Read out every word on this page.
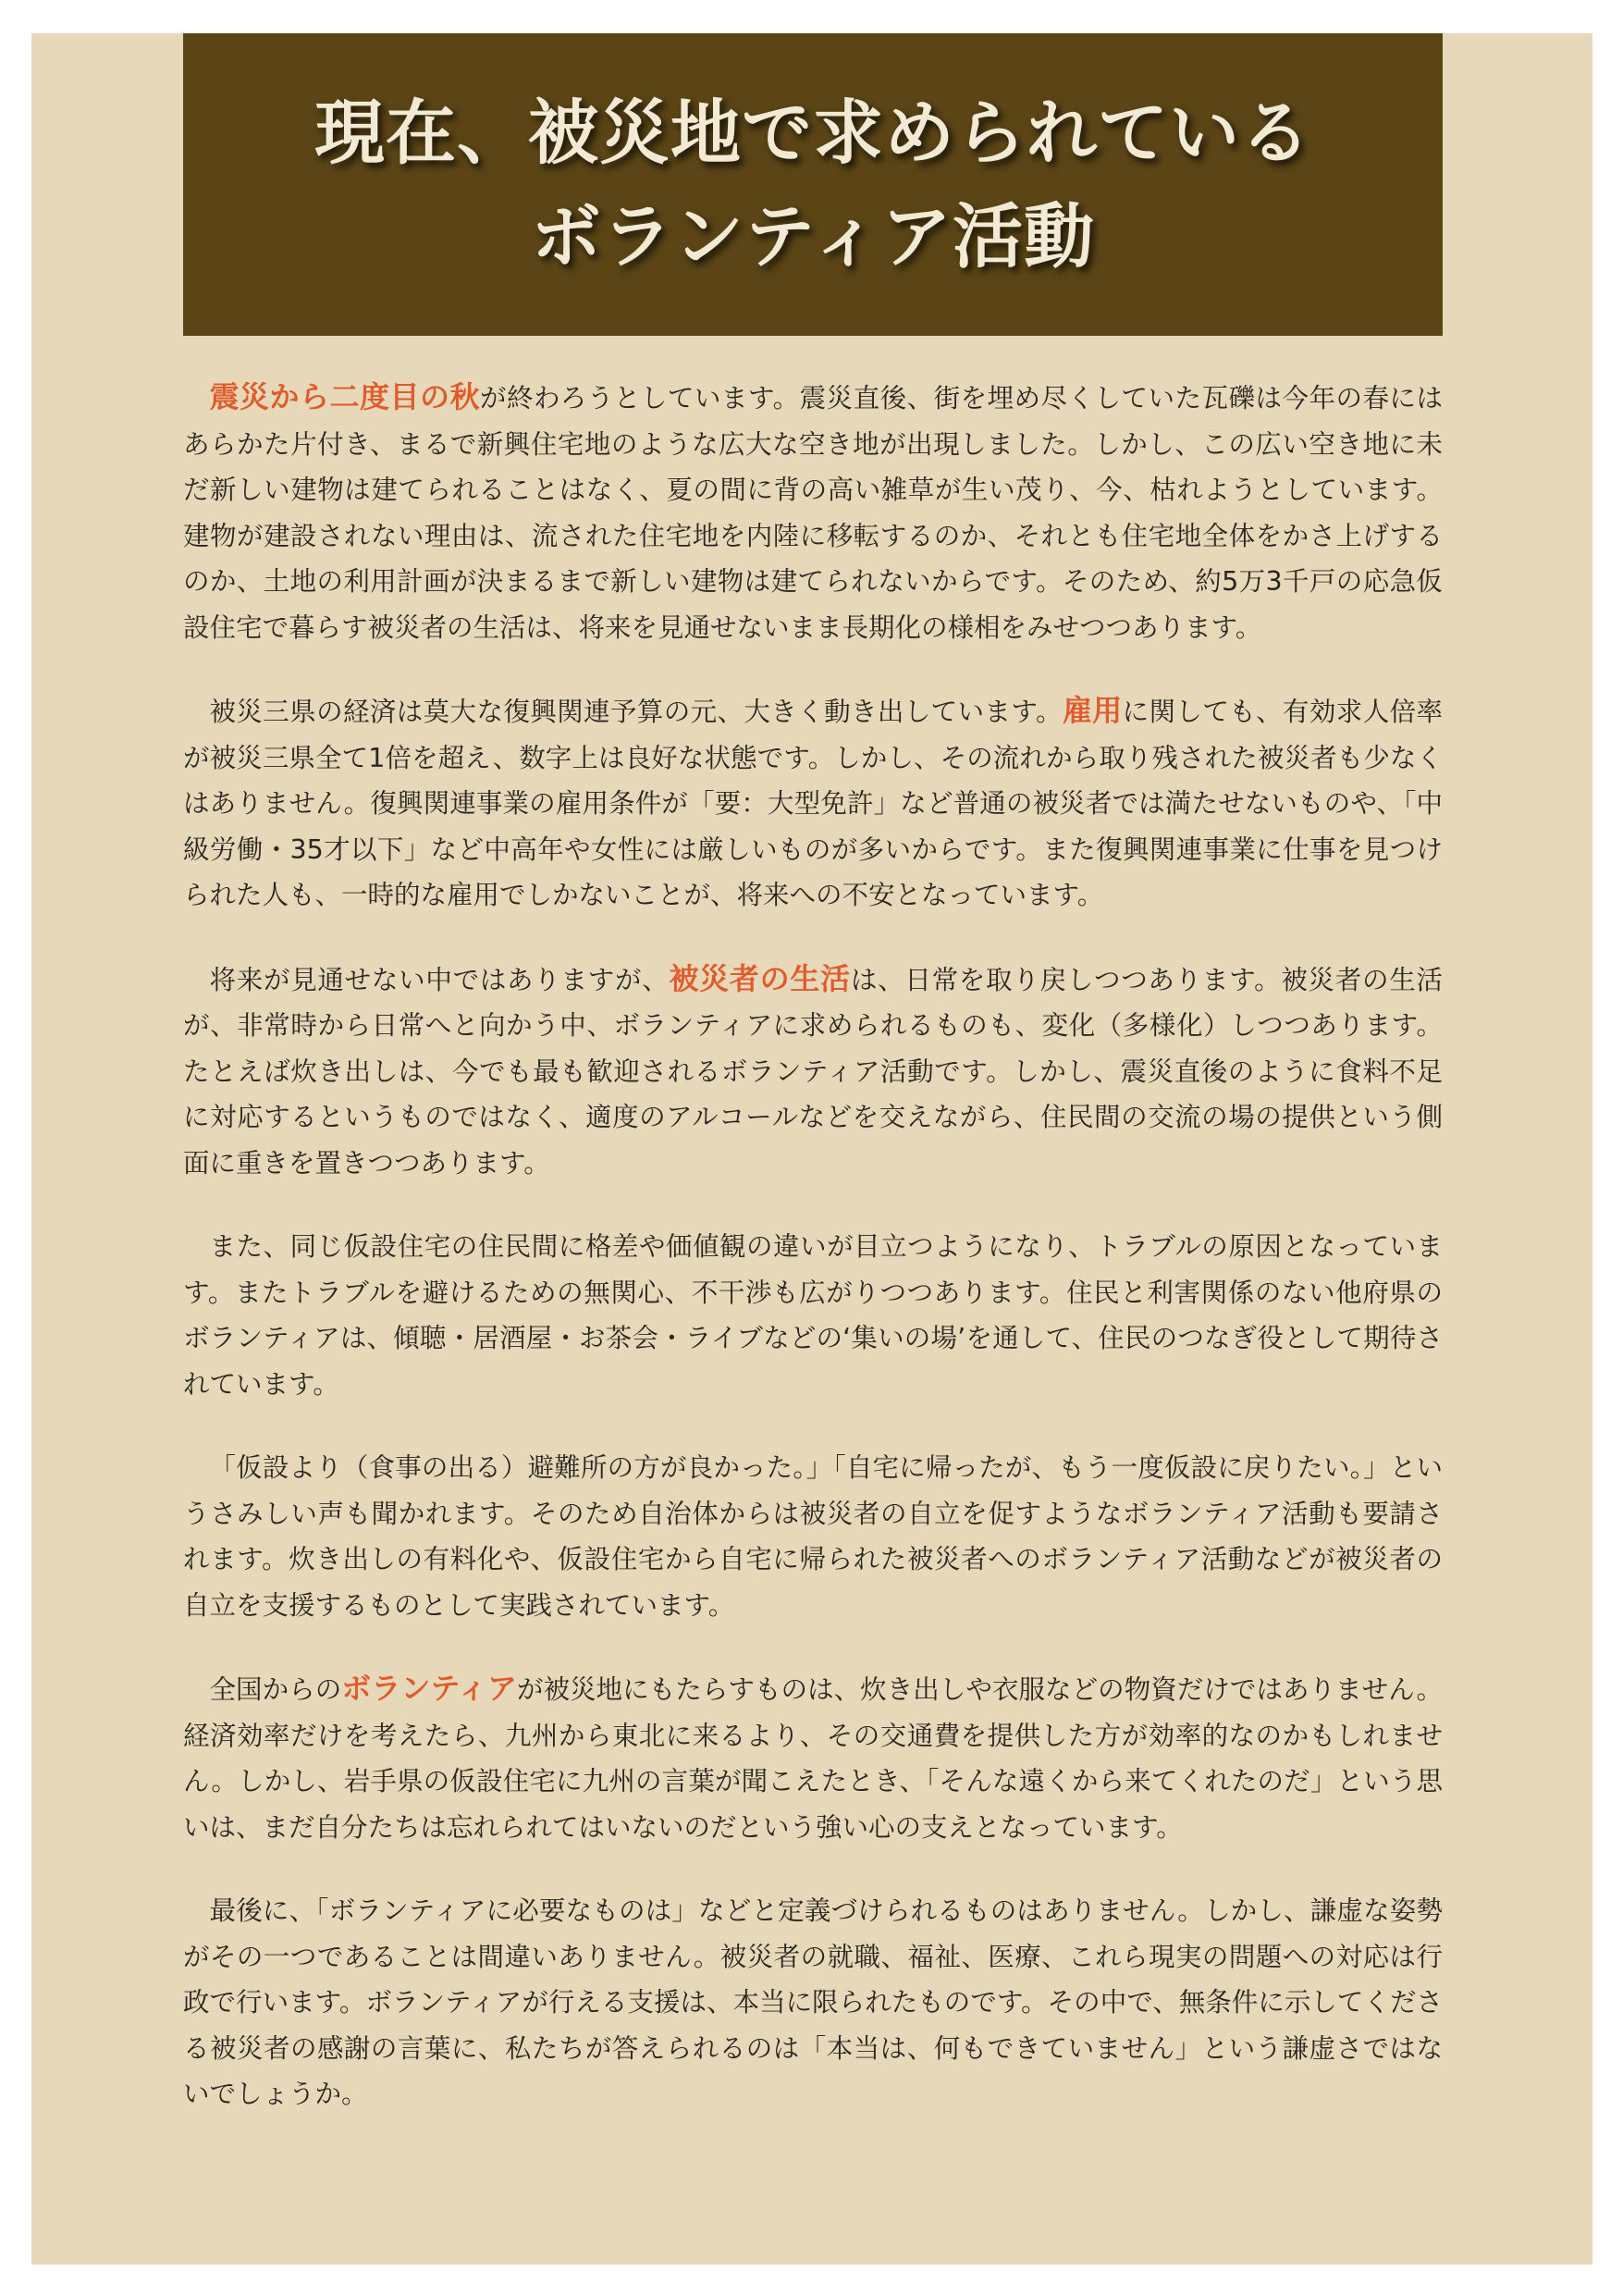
現在、被災地で求められている
ボランティア活動

震災から二度目の秋が終わろうとしています。震災直後、街を埋め尽くしていた瓦礫は今年の春にはあらかた片付き、まるで新興住宅地のような広大な空き地が出現しました。しかし、この広い空き地に未だ新しい建物は建てられることはなく、夏の間に背の高い雑草が生い茂り、今、枯れようとしています。建物が建設されない理由は、流された住宅地を内陸に移転するのか、それとも住宅地全体をかさ上げするのか、土地の利用計画が決まるまで新しい建物は建てられないからです。そのため、約5万3千戸の応急仮設住宅で暮らす被災者の生活は、将来を見通せないまま長期化の様相をみせつつあります。

被災三県の経済は莫大な復興関連予算の元、大きく動き出しています。雇用に関しても、有効求人倍率が被災三県全て1倍を超え、数字上は良好な状態です。しかし、その流れから取り残された被災者も少なくはありません。復興関連事業の雇用条件が「要：大型免許」など普通の被災者では満たせないものや、「中級労働・35才以下」など中高年や女性には厳しいものが多いからです。また復興関連事業に仕事を見つけられた人も、一時的な雇用でしかないことが、将来への不安となっています。

将来が見通せない中ではありますが、被災者の生活は、日常を取り戻しつつあります。被災者の生活が、非常時から日常へと向かう中、ボランティアに求められるものも、変化（多様化）しつつあります。たとえば炊き出しは、今でも最も歓迎されるボランティア活動です。しかし、震災直後のように食料不足に対応するというものではなく、適度のアルコールなどを交えながら、住民間の交流の場の提供という側面に重きを置きつつあります。

また、同じ仮設住宅の住民間に格差や価値観の違いが目立つようになり、トラブルの原因となっています。またトラブルを避けるための無関心、不干渉も広がりつつあります。住民と利害関係のない他府県のボランティアは、傾聴・居酒屋・お茶会・ライブなどの‘集いの場’を通して、住民のつなぎ役として期待されています。

「仮設より（食事の出る）避難所の方が良かった。」「自宅に帰ったが、もう一度仮設に戻りたい。」というさみしい声も聞かれます。そのため自治体からは被災者の自立を促すようなボランティア活動も要請されます。炊き出しの有料化や、仮設住宅から自宅に帰られた被災者へのボランティア活動などが被災者の自立を支援するものとして実践されています。

全国からのボランティアが被災地にもたらすものは、炊き出しや衣服などの物資だけではありません。経済効率だけを考えたら、九州から東北に来るより、その交通費を提供した方が効率的なのかもしれません。しかし、岩手県の仮設住宅に九州の言葉が聞こえたとき、「そんな遠くから来てくれたのだ」という思いは、まだ自分たちは忘れられてはいないのだという強い心の支えとなっています。

最後に、「ボランティアに必要なものは」などと定義づけられるものはありません。しかし、謙虚な姿勢がその一つであることは間違いありません。被災者の就職、福祉、医療、これら現実の問題への対応は行政で行います。ボランティアが行える支援は、本当に限られたものです。その中で、無条件に示してくださる被災者の感謝の言葉に、私たちが答えられるのは「本当は、何もできていません」という謙虚さではないでしょうか。
